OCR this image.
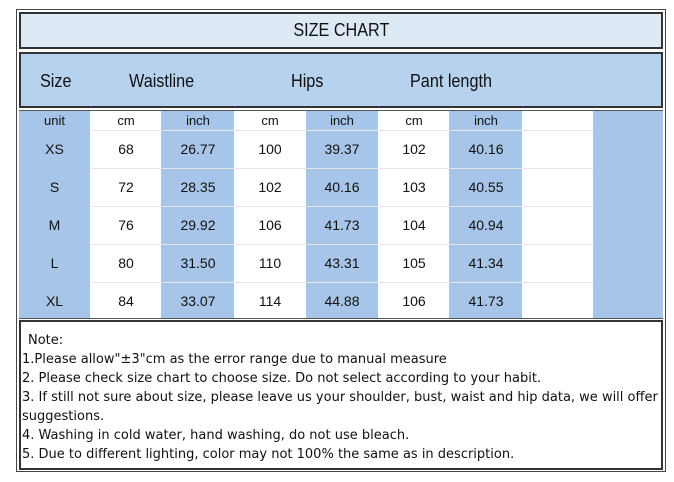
SIZE CHART
Size	Waistline	Hips	Pant length
unit	cm	inch	cm	inch	cm	inch
XS	68	26.77	100	39.37	102	40.16
S	72	28.35	102	40.16	103	40.55
M	76	29.92	106	41.73	104	40.94
L	80	31.50	110	43.31	105	41.34
XL	84	33.07	114	44.88	106	41.73
Note:
1.Please allow"±3"cm as the error range due to manual measure
2. Please check size chart to choose size. Do not select according to your habit.
3. If still not sure about size, please leave us your shoulder, bust, waist and hip data, we will offer suggestions.
4. Washing in cold water, hand washing, do not use bleach.
5. Due to different lighting, color may not 100% the same as in description.
